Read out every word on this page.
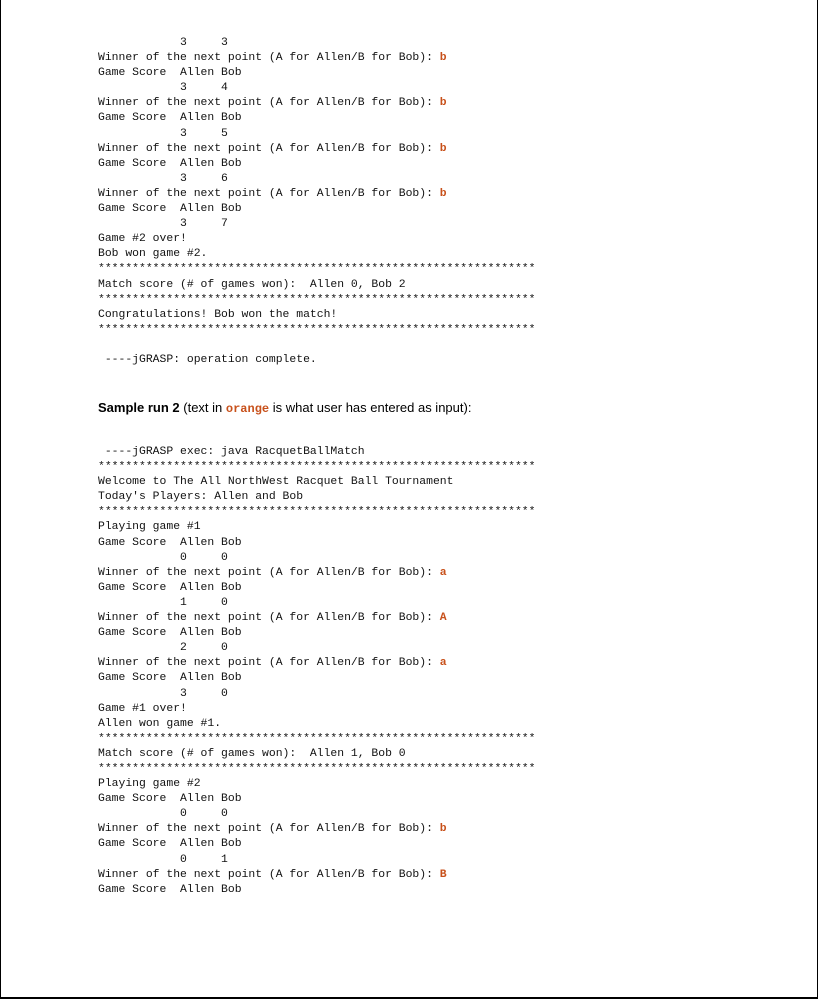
3     3
Winner of the next point (A for Allen/B for Bob): b
Game Score  Allen Bob
3     4
Winner of the next point (A for Allen/B for Bob): b
Game Score  Allen Bob
3     5
Winner of the next point (A for Allen/B for Bob): b
Game Score  Allen Bob
3     6
Winner of the next point (A for Allen/B for Bob): b
Game Score  Allen Bob
3     7
Game #2 over!
Bob won game #2.
****************************************************************
Match score (# of games won):  Allen 0, Bob 2
****************************************************************
Congratulations! Bob won the match!
****************************************************************
----jGRASP: operation complete.
Sample run 2 (text in orange is what user has entered as input):
----jGRASP exec: java RacquetBallMatch
****************************************************************
Welcome to The All NorthWest Racquet Ball Tournament
Today's Players: Allen and Bob
****************************************************************
Playing game #1
Game Score  Allen Bob
0     0
Winner of the next point (A for Allen/B for Bob): a
Game Score  Allen Bob
1     0
Winner of the next point (A for Allen/B for Bob): A
Game Score  Allen Bob
2     0
Winner of the next point (A for Allen/B for Bob): a
Game Score  Allen Bob
3     0
Game #1 over!
Allen won game #1.
****************************************************************
Match score (# of games won):  Allen 1, Bob 0
****************************************************************
Playing game #2
Game Score  Allen Bob
0     0
Winner of the next point (A for Allen/B for Bob): b
Game Score  Allen Bob
0     1
Winner of the next point (A for Allen/B for Bob): B
Game Score  Allen Bob
